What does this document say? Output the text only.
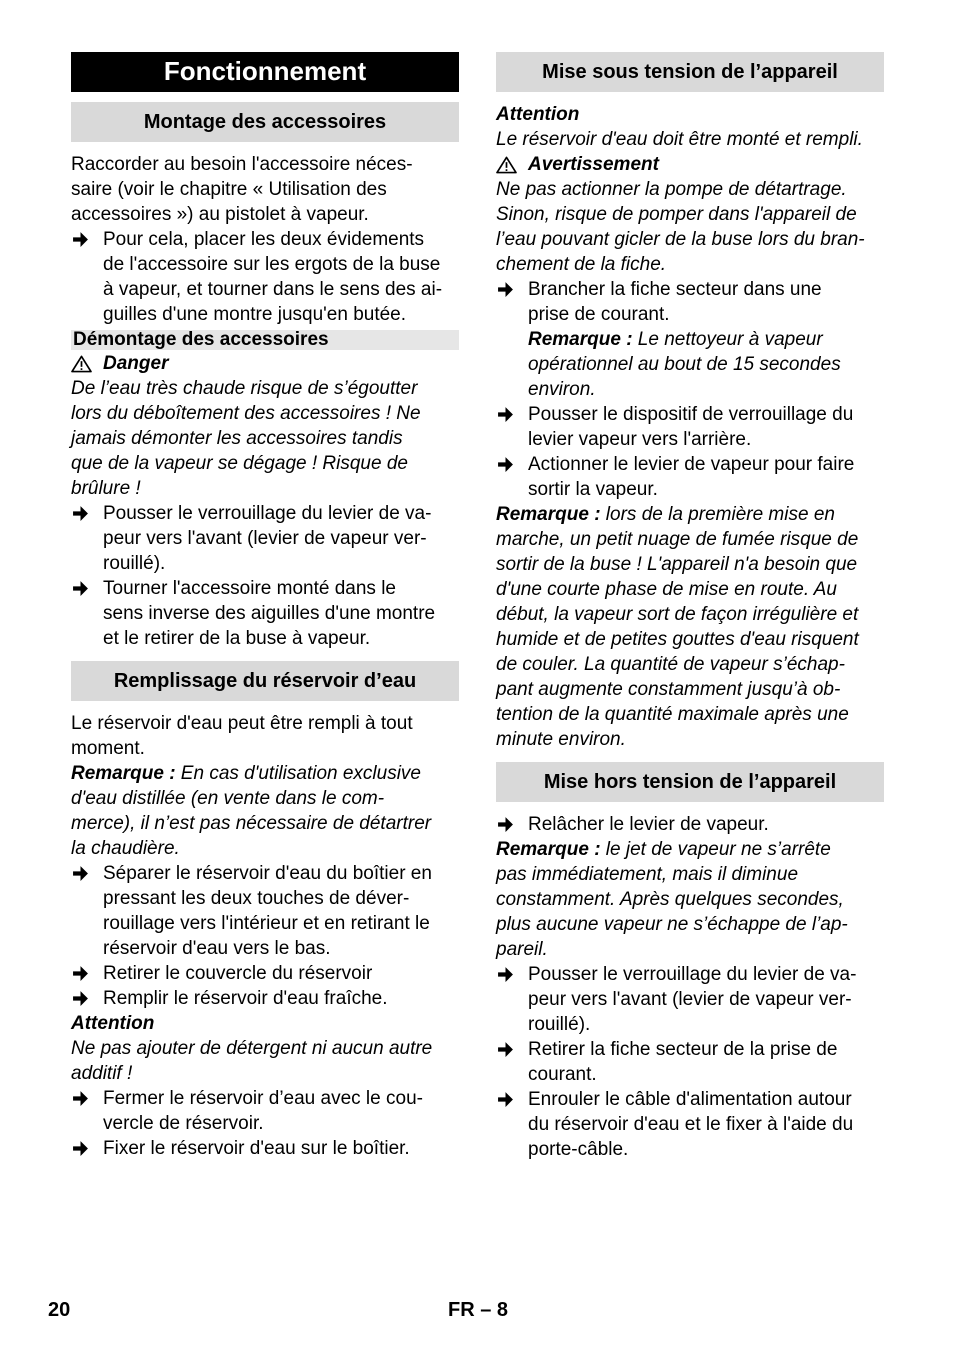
Fonctionnement
Montage des accessoires
Raccorder au besoin l'accessoire néces-
saire (voir le chapitre « Utilisation des
accessoires ») au pistolet à vapeur.
Pour cela, placer les deux évidements
de l'accessoire sur les ergots de la buse
à vapeur, et tourner dans le sens des ai-
guilles d'une montre jusqu'en butée.
Démontage des accessoires
Danger
De l’eau très chaude risque de s’égoutter
lors du déboîtement des accessoires ! Ne
jamais démonter les accessoires tandis
que de la vapeur se dégage ! Risque de
brûlure !
Pousser le verrouillage du levier de va-
peur vers l'avant (levier de vapeur ver-
rouillé).
Tourner l'accessoire monté dans le
sens inverse des aiguilles d'une montre
et le retirer de la buse à vapeur.
Remplissage du réservoir d’eau
Le réservoir d'eau peut être rempli à tout
moment.
Remarque : En cas d'utilisation exclusive
d'eau distillée (en vente dans le com-
merce), il n’est pas nécessaire de détartrer
la chaudière.
Séparer le réservoir d'eau du boîtier en
pressant les deux touches de déver-
rouillage vers l'intérieur et en retirant le
réservoir d'eau vers le bas.
Retirer le couvercle du réservoir
Remplir le réservoir d'eau fraîche.
Attention
Ne pas ajouter de détergent ni aucun autre
additif !
Fermer le réservoir d’eau avec le cou-
vercle de réservoir.
Fixer le réservoir d'eau sur le boîtier.
Mise sous tension de l’appareil
Attention
Le réservoir d'eau doit être monté et rempli.
Avertissement
Ne pas actionner la pompe de détartrage.
Sinon, risque de pomper dans l'appareil de
l’eau pouvant gicler de la buse lors du bran-
chement de la fiche.
Brancher la fiche secteur dans une
prise de courant.
Remarque : Le nettoyeur à vapeur
opérationnel au bout de 15 secondes
environ.
Pousser le dispositif de verrouillage du
levier vapeur vers l'arrière.
Actionner le levier de vapeur pour faire
sortir la vapeur.
Remarque : lors de la première mise en
marche, un petit nuage de fumée risque de
sortir de la buse ! L'appareil n'a besoin que
d'une courte phase de mise en route. Au
début, la vapeur sort de façon irrégulière et
humide et de petites gouttes d'eau risquent
de couler. La quantité de vapeur s’échap-
pant augmente constamment jusqu’à ob-
tention de la quantité maximale après une
minute environ.
Mise hors tension de l’appareil
Relâcher le levier de vapeur.
Remarque : le jet de vapeur ne s’arrête
pas immédiatement, mais il diminue
constamment. Après quelques secondes,
plus aucune vapeur ne s’échappe de l’ap-
pareil.
Pousser le verrouillage du levier de va-
peur vers l'avant (levier de vapeur ver-
rouillé).
Retirer la fiche secteur de la prise de
courant.
Enrouler le câble d'alimentation autour
du réservoir d'eau et le fixer à l'aide du
porte-câble.
20	FR – 8
